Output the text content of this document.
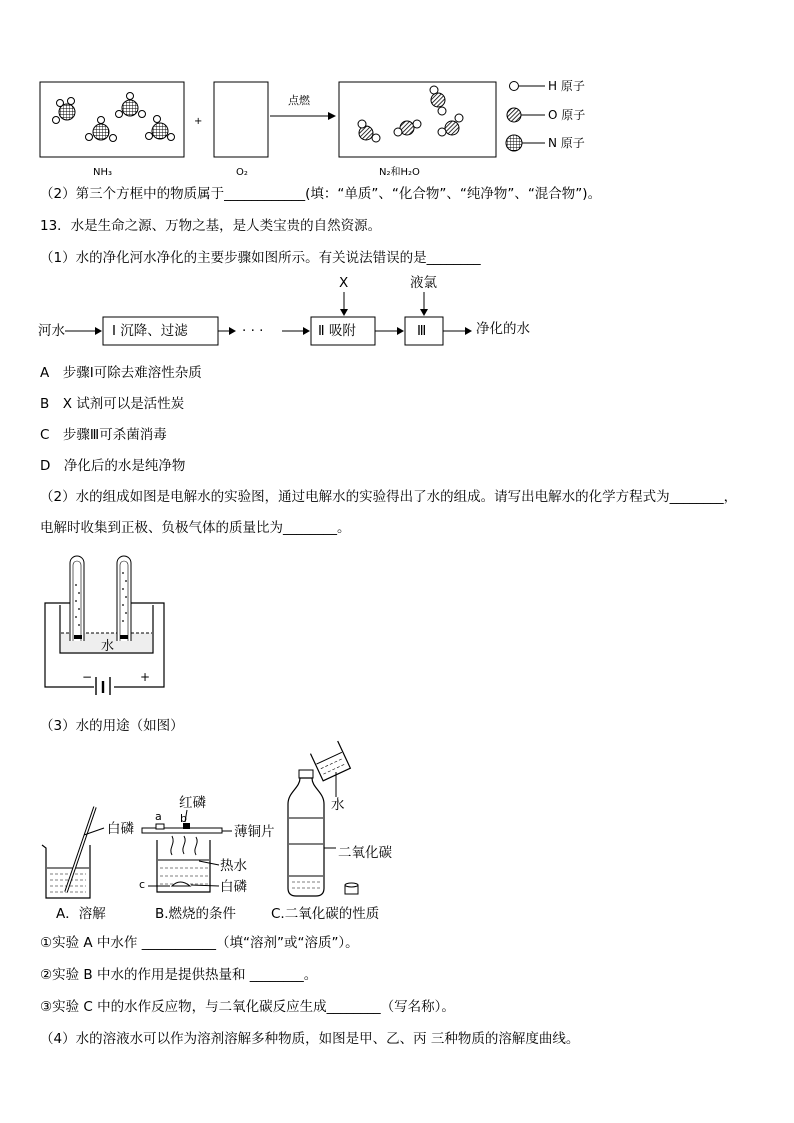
NH₃	O₂	N₂和H₂O
+
点燃
H 原子
O 原子
N 原子
（2）第三个方框中的物质属于____________(填：“单质”、“化合物”、“纯净物”、“混合物”)。
13．水是生命之源、万物之基，是人类宝贵的自然资源。
（1）水的净化河水净化的主要步骤如图所示。有关说法错误的是________
河水	Ⅰ 沉降、过滤	· · ·	Ⅱ 吸附	Ⅲ	净化的水
X	液氯
A　步骤Ⅰ可除去难溶性杂质
B　X 试剂可以是活性炭
C　步骤Ⅲ可杀菌消毒
D　净化后的水是纯净物
（2）水的组成如图是电解水的实验图，通过电解水的实验得出了水的组成。请写出电解水的化学方程式为________，
电解时收集到正极、负极气体的质量比为________。
水
−	+
（3）水的用途（如图）
A．溶解	B.燃烧的条件	C.二氧化碳的性质
白磷
红磷
薄铜片
热水
白磷
a b
c
水
二氧化碳
①实验 A 中水作 ___________（填“溶剂”或“溶质”）。
②实验 B 中水的作用是提供热量和 ________。
③实验 C 中的水作反应物，与二氧化碳反应生成________（写名称）。
（4）水的溶液水可以作为溶剂溶解多种物质，如图是甲、乙、丙 三种物质的溶解度曲线。
